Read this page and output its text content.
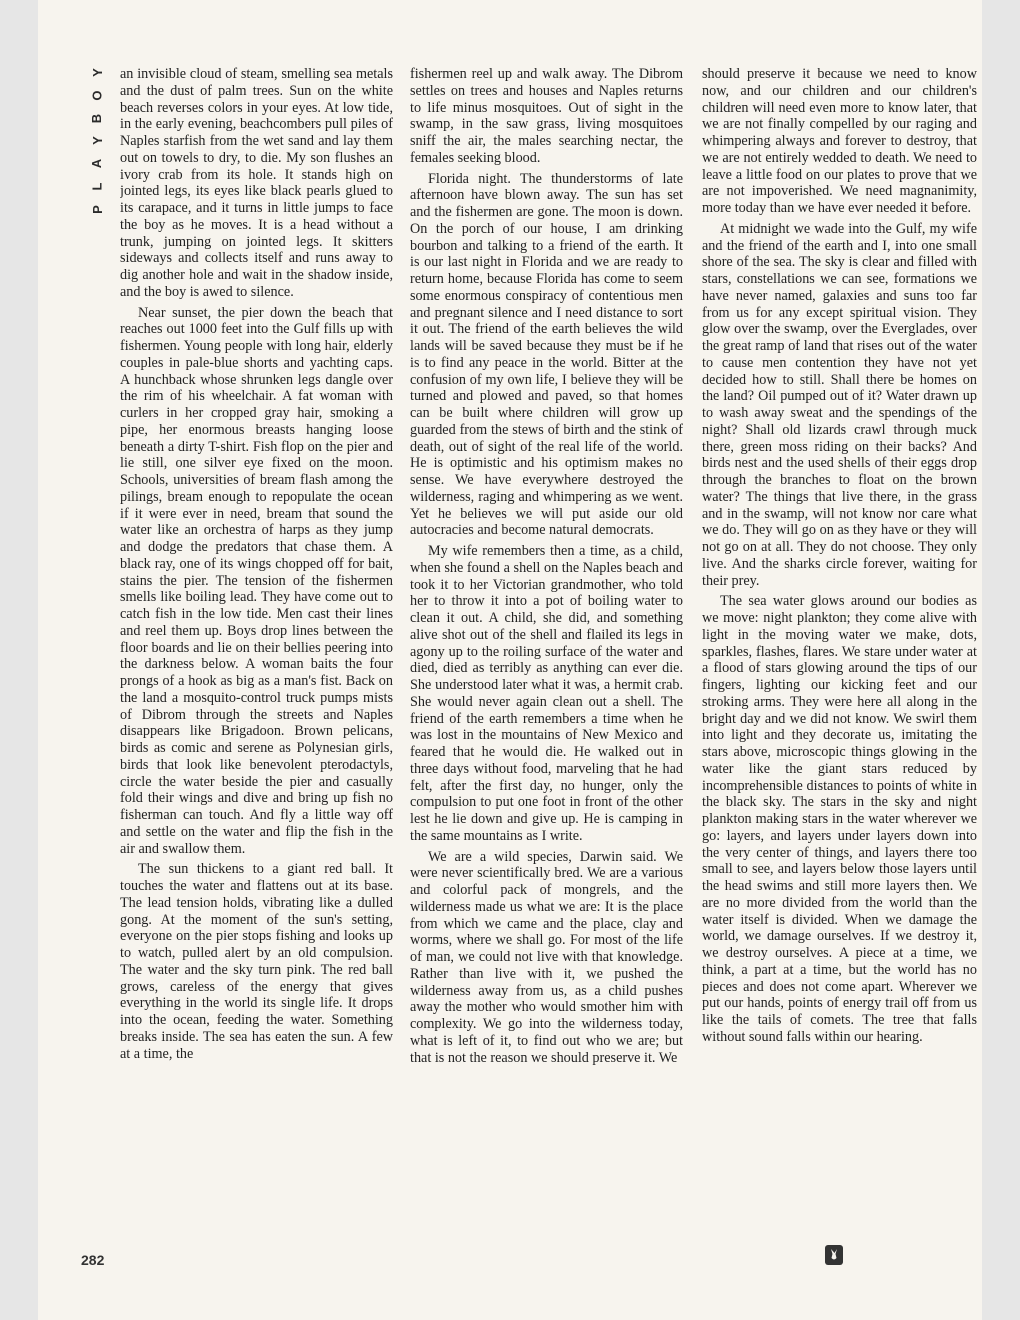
Y
O
B
Y
A
L
P

an invisible cloud of steam, smelling sea metals and the dust of palm trees. Sun on the white beach reverses colors in your eyes. At low tide, in the early evening, beachcombers pull piles of Naples starfish from the wet sand and lay them out on towels to dry, to die. My son flushes an ivory crab from its hole. It stands high on jointed legs, its eyes like black pearls glued to its carapace, and it turns in little jumps to face the boy as he moves. It is a head without a trunk, jumping on jointed legs. It skitters sideways and collects itself and runs away to dig another hole and wait in the shadow inside, and the boy is awed to silence.

Near sunset, the pier down the beach that reaches out 1000 feet into the Gulf fills up with fishermen. Young people with long hair, elderly couples in pale-blue shorts and yachting caps. A hunchback whose shrunken legs dangle over the rim of his wheelchair. A fat woman with curlers in her cropped gray hair, smoking a pipe, her enormous breasts hanging loose beneath a dirty T-shirt. Fish flop on the pier and lie still, one silver eye fixed on the moon. Schools, universities of bream flash among the pilings, bream enough to repopulate the ocean if it were ever in need, bream that sound the water like an orchestra of harps as they jump and dodge the predators that chase them. A black ray, one of its wings chopped off for bait, stains the pier. The tension of the fishermen smells like boiling lead. They have come out to catch fish in the low tide. Men cast their lines and reel them up. Boys drop lines between the floor boards and lie on their bellies peering into the darkness below. A woman baits the four prongs of a hook as big as a man's fist. Back on the land a mosquito-control truck pumps mists of Dibrom through the streets and Naples disappears like Brigadoon. Brown pelicans, birds as comic and serene as Polynesian girls, birds that look like benevolent pterodactyls, circle the water beside the pier and casually fold their wings and dive and bring up fish no fisherman can touch. And fly a little way off and settle on the water and flip the fish in the air and swallow them.

The sun thickens to a giant red ball. It touches the water and flattens out at its base. The lead tension holds, vibrating like a dulled gong. At the moment of the sun's setting, everyone on the pier stops fishing and looks up to watch, pulled alert by an old compulsion. The water and the sky turn pink. The red ball grows, careless of the energy that gives everything in the world its single life. It drops into the ocean, feeding the water. Something breaks inside. The sea has eaten the sun. A few at a time, the

fishermen reel up and walk away. The Dibrom settles on trees and houses and Naples returns to life minus mosquitoes. Out of sight in the swamp, in the saw grass, living mosquitoes sniff the air, the males searching nectar, the females seeking blood.

Florida night. The thunderstorms of late afternoon have blown away. The sun has set and the fishermen are gone. The moon is down. On the porch of our house, I am drinking bourbon and talking to a friend of the earth. It is our last night in Florida and we are ready to return home, because Florida has come to seem some enormous conspiracy of contentious men and pregnant silence and I need distance to sort it out. The friend of the earth believes the wild lands will be saved because they must be if he is to find any peace in the world. Bitter at the confusion of my own life, I believe they will be turned and plowed and paved, so that homes can be built where children will grow up guarded from the stews of birth and the stink of death, out of sight of the real life of the world. He is optimistic and his optimism makes no sense. We have everywhere destroyed the wilderness, raging and whimpering as we went. Yet he believes we will put aside our old autocracies and become natural democrats.

My wife remembers then a time, as a child, when she found a shell on the Naples beach and took it to her Victorian grandmother, who told her to throw it into a pot of boiling water to clean it out. A child, she did, and something alive shot out of the shell and flailed its legs in agony up to the roiling surface of the water and died, died as terribly as anything can ever die. She understood later what it was, a hermit crab. She would never again clean out a shell. The friend of the earth remembers a time when he was lost in the mountains of New Mexico and feared that he would die. He walked out in three days without food, marveling that he had felt, after the first day, no hunger, only the compulsion to put one foot in front of the other lest he lie down and give up. He is camping in the same mountains as I write.

We are a wild species, Darwin said. We were never scientifically bred. We are a various and colorful pack of mongrels, and the wilderness made us what we are: It is the place from which we came and the place, clay and worms, where we shall go. For most of the life of man, we could not live with that knowledge. Rather than live with it, we pushed the wilderness away from us, as a child pushes away the mother who would smother him with complexity. We go into the wilderness today, what is left of it, to find out who we are; but that is not the reason we should preserve it. We

should preserve it because we need to know now, and our children and our children's children will need even more to know later, that we are not finally compelled by our raging and whimpering always and forever to destroy, that we are not entirely wedded to death. We need to leave a little food on our plates to prove that we are not impoverished. We need magnanimity, more today than we have ever needed it before.

At midnight we wade into the Gulf, my wife and the friend of the earth and I, into one small shore of the sea. The sky is clear and filled with stars, constellations we can see, formations we have never named, galaxies and suns too far from us for any except spiritual vision. They glow over the swamp, over the Everglades, over the great ramp of land that rises out of the water to cause men contention they have not yet decided how to still. Shall there be homes on the land? Oil pumped out of it? Water drawn up to wash away sweat and the spendings of the night? Shall old lizards crawl through muck there, green moss riding on their backs? And birds nest and the used shells of their eggs drop through the branches to float on the brown water? The things that live there, in the grass and in the swamp, will not know nor care what we do. They will go on as they have or they will not go on at all. They do not choose. They only live. And the sharks circle forever, waiting for their prey.

The sea water glows around our bodies as we move: night plankton; they come alive with light in the moving water we make, dots, sparkles, flashes, flares. We stare under water at a flood of stars glowing around the tips of our fingers, lighting our kicking feet and our stroking arms. They were here all along in the bright day and we did not know. We swirl them into light and they decorate us, imitating the stars above, microscopic things glowing in the water like the giant stars reduced by incomprehensible distances to points of white in the black sky. The stars in the sky and night plankton making stars in the water wherever we go: layers, and layers under layers down into the very center of things, and layers there too small to see, and layers below those layers until the head swims and still more layers then. We are no more divided from the world than the water itself is divided. When we damage the world, we damage ourselves. If we destroy it, we destroy ourselves. A piece at a time, we think, a part at a time, but the world has no pieces and does not come apart. Wherever we put our hands, points of energy trail off from us like the tails of comets. The tree that falls without sound falls within our hearing.

282
